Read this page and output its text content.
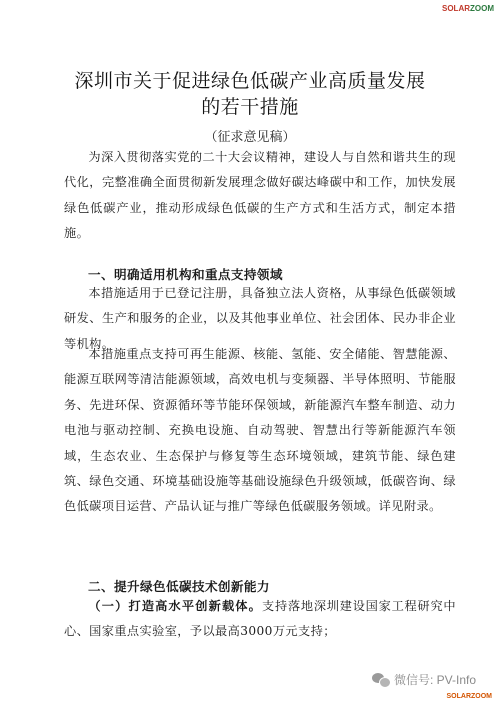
SOLARZOOM
深圳市关于促进绿色低碳产业高质量发展
的若干措施
（征求意见稿）

为深入贯彻落实党的二十大会议精神，建设人与自然和谐共生的现代化，完整准确全面贯彻新发展理念做好碳达峰碳中和工作，加快发展绿色低碳产业，推动形成绿色低碳的生产方式和生活方式，制定本措施。

一、明确适用机构和重点支持领域

本措施适用于已登记注册，具备独立法人资格，从事绿色低碳领域研发、生产和服务的企业，以及其他事业单位、社会团体、民办非企业等机构。

本措施重点支持可再生能源、核能、氢能、安全储能、智慧能源、能源互联网等清洁能源领域，高效电机与变频器、半导体照明、节能服务、先进环保、资源循环等节能环保领域，新能源汽车整车制造、动力电池与驱动控制、充换电设施、自动驾驶、智慧出行等新能源汽车领域，生态农业、生态保护与修复等生态环境领域，建筑节能、绿色建筑、绿色交通、环境基础设施等基础设施绿色升级领域，低碳咨询、绿色低碳项目运营、产品认证与推广等绿色低碳服务领域。详见附录。

二、提升绿色低碳技术创新能力

（一）打造高水平创新载体。支持落地深圳建设国家工程研究中心、国家重点实验室，予以最高3000万元支持；

微信号: PV-Info
SOLARZOOM
